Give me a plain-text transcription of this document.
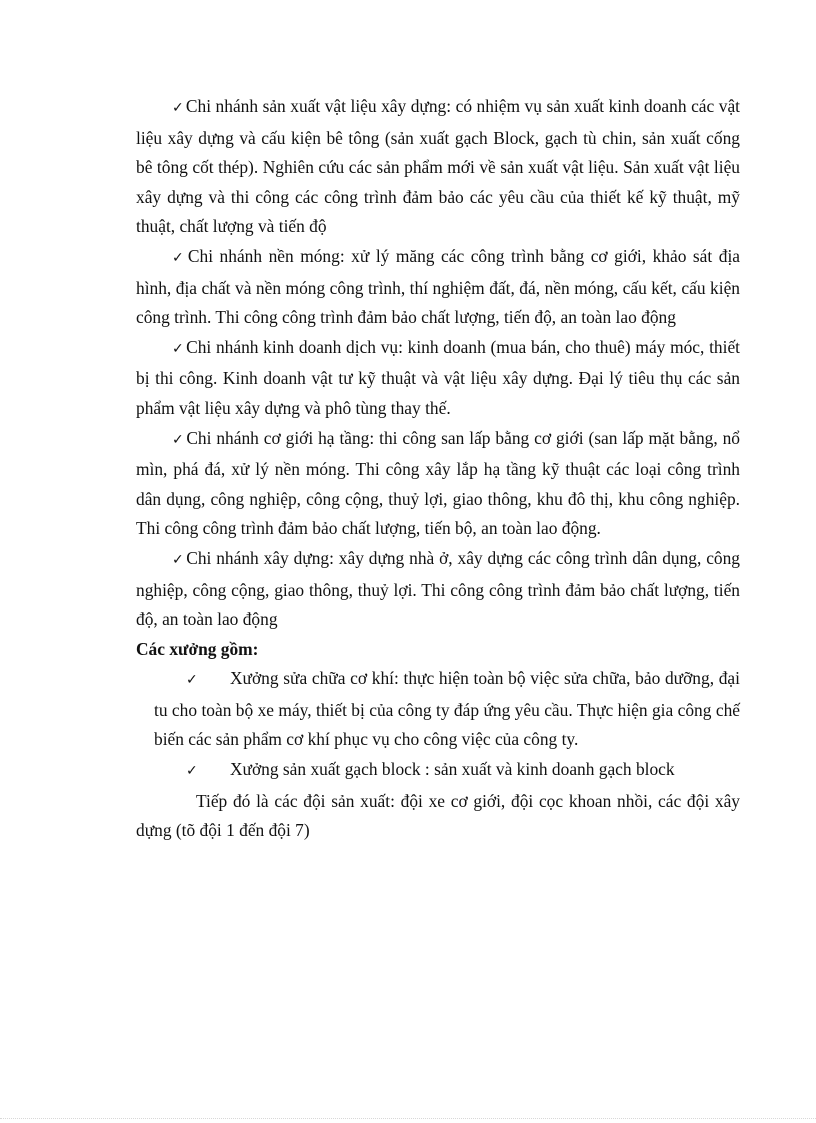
✓ Chi nhánh sản xuất vật liệu xây dựng: có nhiệm vụ sản xuất kinh doanh các vật liệu xây dựng và cấu kiện bê tông (sản xuất gạch Block, gạch tù chin, sản xuất cống bê tông cốt thép). Nghiên cứu các sản phẩm mới về sản xuất vật liệu. Sản xuất vật liệu xây dựng và thi công các công trình đảm bảo các yêu cầu của thiết kế kỹ thuật, mỹ thuật, chất lượng và tiến độ

✓ Chi nhánh nền móng: xử lý măng các công trình bằng cơ giới, khảo sát địa hình, địa chất và nền móng công trình, thí nghiệm đất, đá, nền móng, cấu kết, cấu kiện công trình. Thi công công trình đảm bảo chất lượng, tiến độ, an toàn lao động

✓ Chi nhánh kinh doanh dịch vụ: kinh doanh (mua bán, cho thuê) máy móc, thiết bị thi công. Kinh doanh vật tư kỹ thuật và vật liệu xây dựng. Đại lý tiêu thụ các sản phẩm vật liệu xây dựng và phô tùng thay thế.

✓ Chi nhánh cơ giới hạ tầng: thi công san lấp bằng cơ giới (san lấp mặt bằng, nổ mìn, phá đá, xử lý nền móng. Thi công xây lắp hạ tầng kỹ thuật các loại công trình dân dụng, công nghiệp, công cộng, thuỷ lợi, giao thông, khu đô thị, khu công nghiệp. Thi công công trình đảm bảo chất lượng, tiến bộ, an toàn lao động.

✓ Chi nhánh xây dựng: xây dựng nhà ở, xây dựng các công trình dân dụng, công nghiệp, công cộng, giao thông, thuỷ lợi. Thi công công trình đảm bảo chất lượng, tiến độ, an toàn lao động

Các xưởng gồm:

✓ Xưởng sửa chữa cơ khí: thực hiện toàn bộ việc sửa chữa, bảo dưỡng, đại tu cho toàn bộ xe máy, thiết bị của công ty đáp ứng yêu cầu. Thực hiện gia công chế biến các sản phẩm cơ khí phục vụ cho công việc của công ty.

✓ Xưởng sản xuất gạch block : sản xuất và kinh doanh gạch block

Tiếp đó là các đội sản xuất: đội xe cơ giới, đội cọc khoan nhồi, các đội xây dựng (tõ đội 1 đến đội 7)
